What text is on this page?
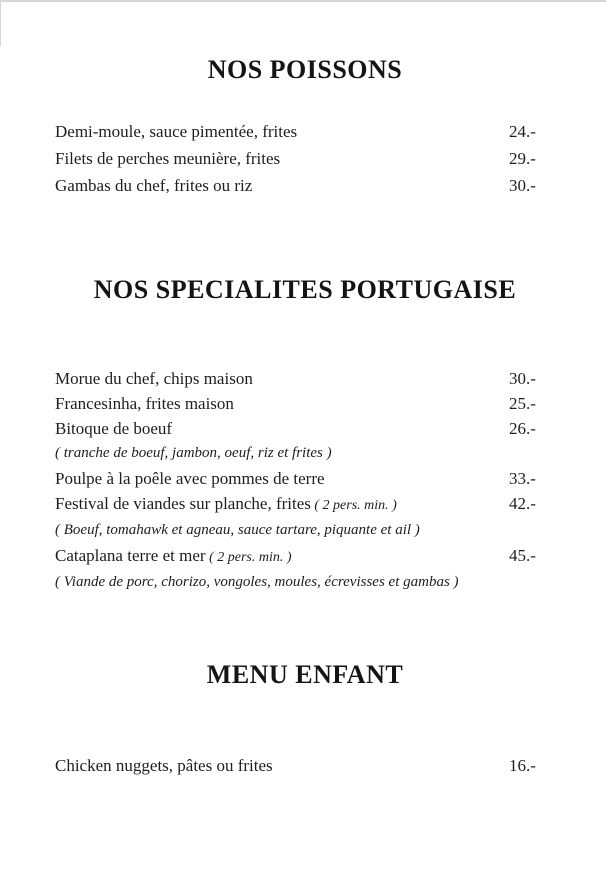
NOS POISSONS
Demi-moule, sauce pimentée, frites	24.-
Filets de perches meunière, frites	29.-
Gambas du chef, frites ou riz	30.-
NOS SPECIALITES PORTUGAISE
Morue du chef, chips maison	30.-
Francesinha, frites maison	25.-
Bitoque de boeuf	26.-
( tranche de boeuf, jambon, oeuf, riz et frites )
Poulpe à la poêle avec pommes de terre	33.-
Festival de viandes sur planche, frites ( 2 pers. min. )	42.-
( Boeuf, tomahawk et agneau, sauce tartare, piquante et ail )
Cataplana terre et mer ( 2 pers. min. )	45.-
( Viande de porc, chorizo, vongoles, moules, écrevisses et gambas )
MENU ENFANT
Chicken nuggets, pâtes ou frites	16.-
